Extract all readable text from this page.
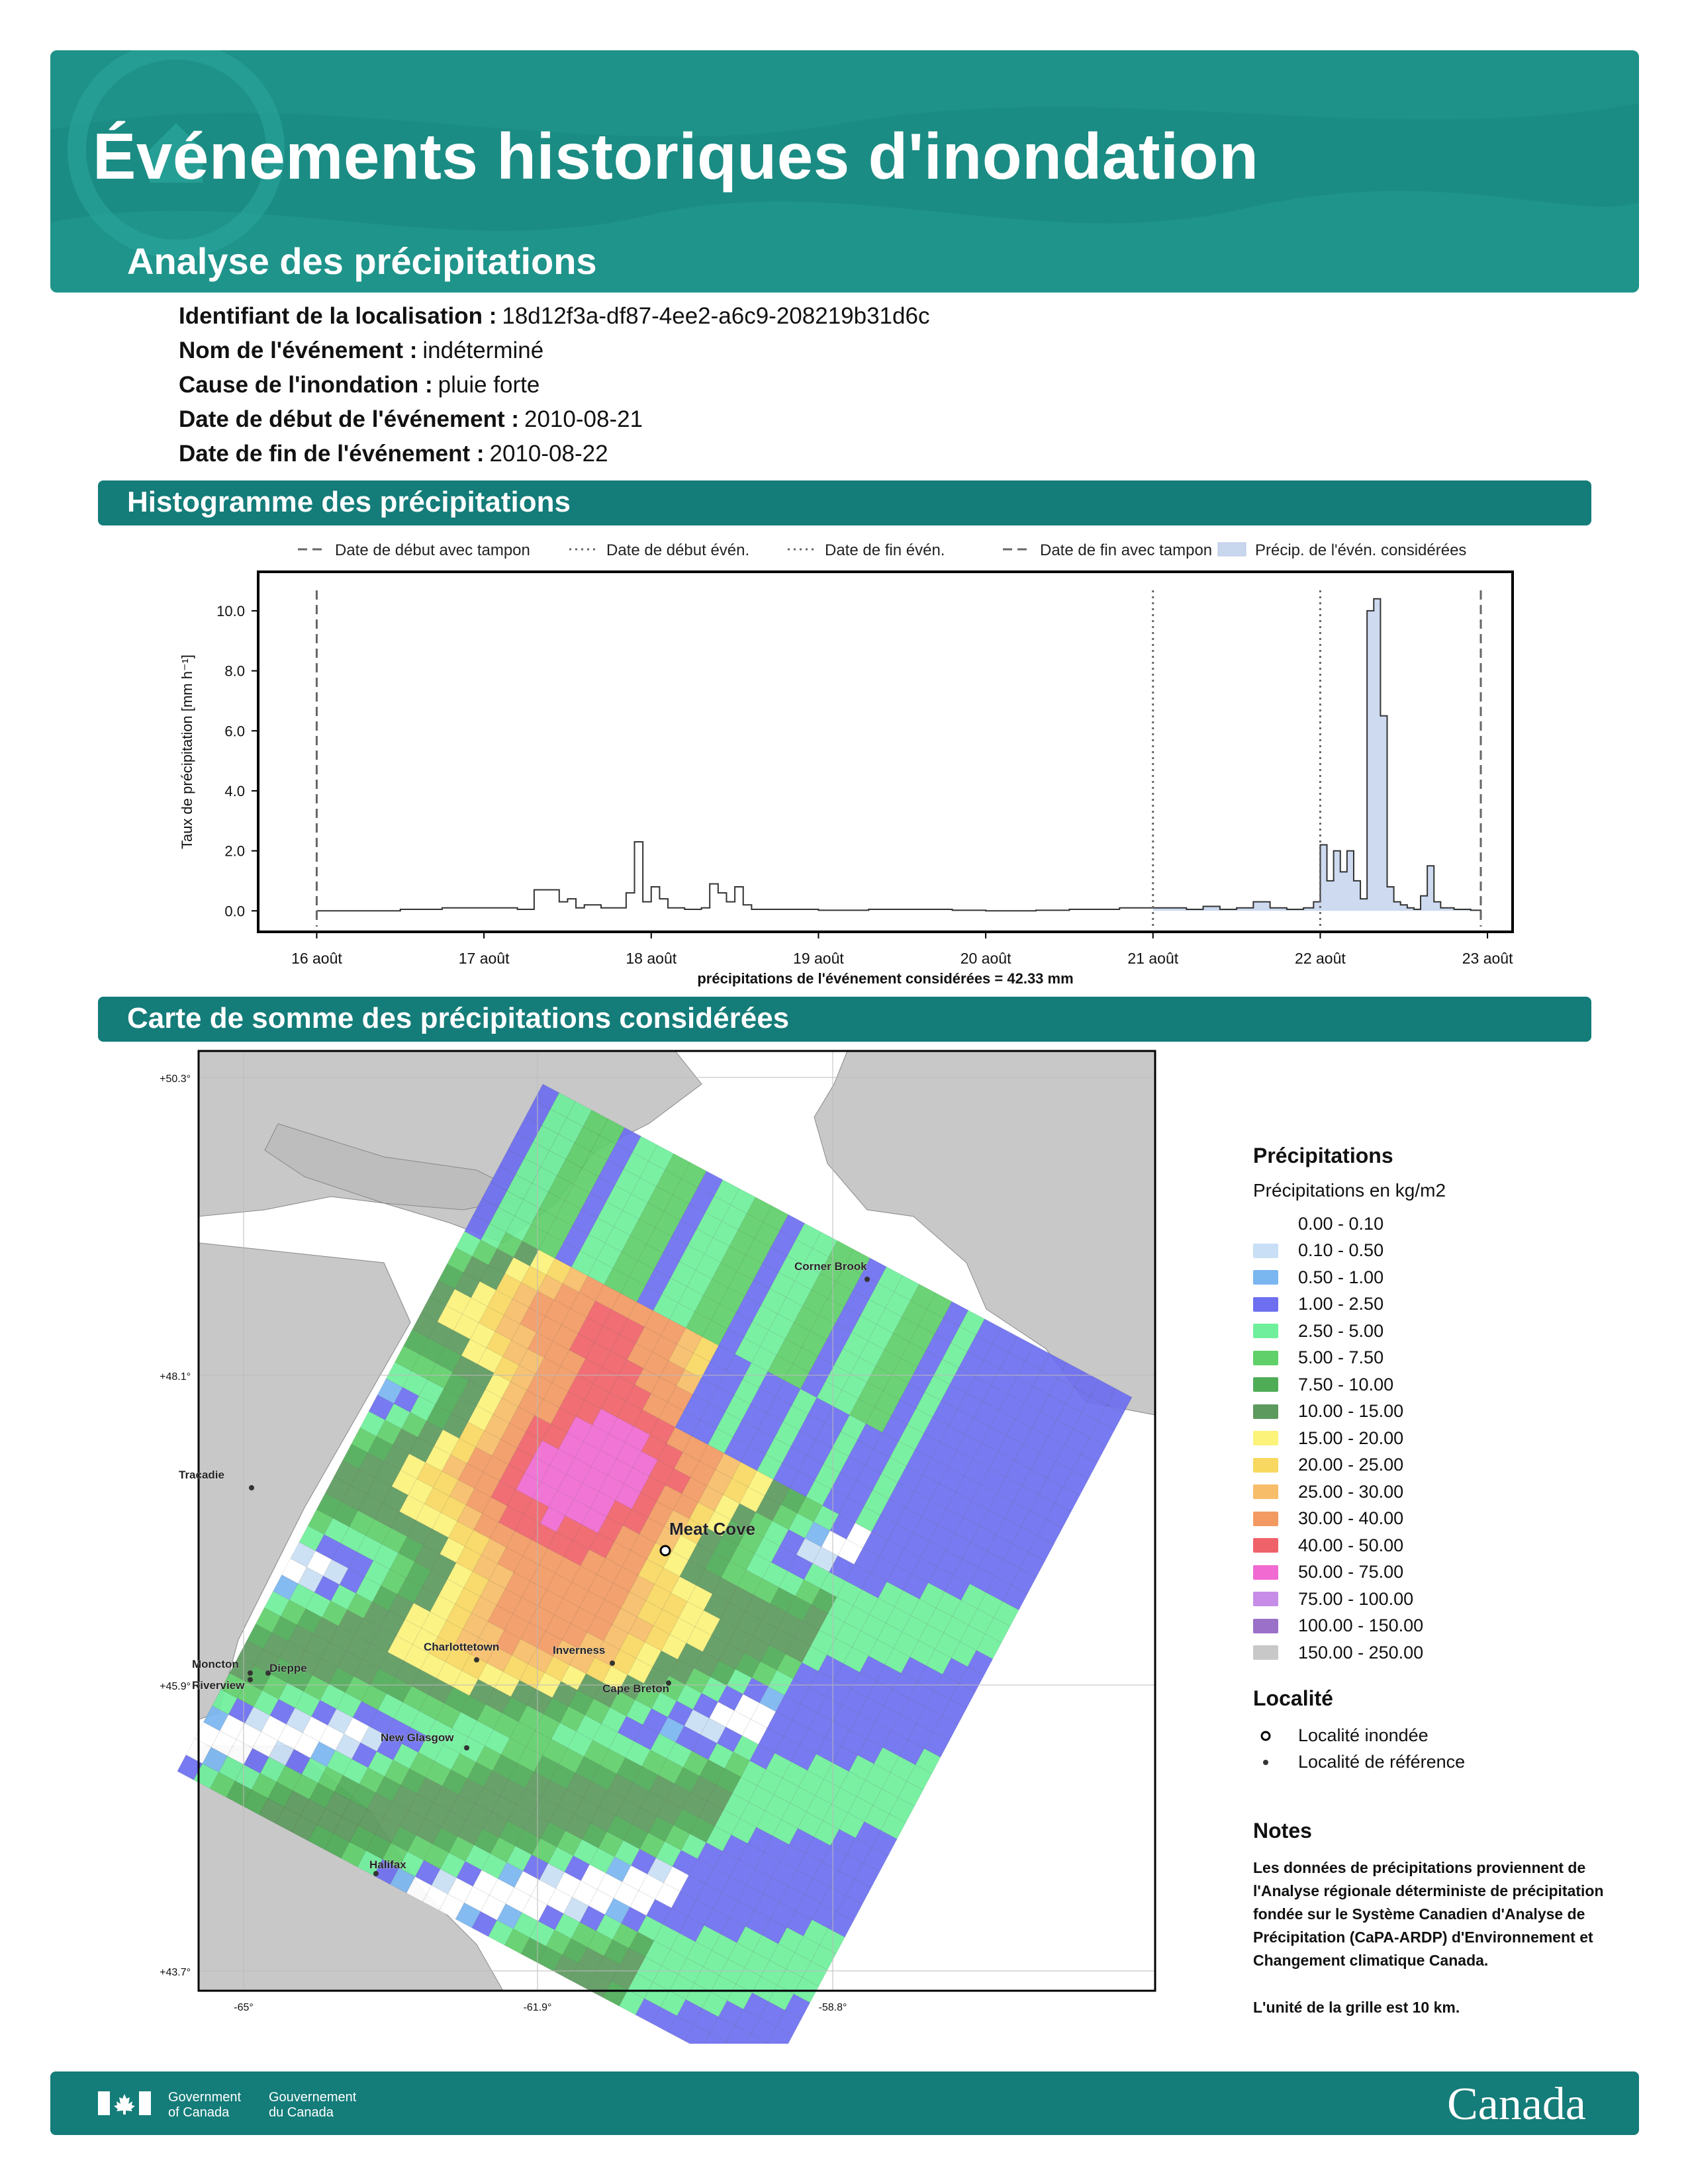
Événements historiques d'inondation
Analyse des précipitations
Identifiant de la localisation : 18d12f3a-df87-4ee2-a6c9-208219b31d6c
Nom de l'événement : indéterminé
Cause de l'inondation : pluie forte
Date de début de l'événement : 2010-08-21
Date de fin de l'événement : 2010-08-22
Histogramme des précipitations
Date de début avec tampon	Date de début évén.	Date de fin évén.	Date de fin avec tampon	Précip. de l'évén. considérées
0.0
2.0
4.0
6.0
8.0
10.0
16 août	17 août	18 août	19 août	20 août	21 août	22 août	23 août
précipitations de l'événement considérées = 42.33 mm
Taux de précipitation [mm h⁻¹]
Carte de somme des précipitations considérées
+50.3°
+48.1°
+45.9°
+43.7°
-65°	-61.9°	-58.8°
Corner Brook
Tracadie
Meat Cove
Charlottetown	Inverness
Moncton	Dieppe
Riverview	Cape Breton
New Glasgow
Halifax
Précipitations
Précipitations en kg/m2
0.00 - 0.10
0.10 - 0.50
0.50 - 1.00
1.00 - 2.50
2.50 - 5.00
5.00 - 7.50
7.50 - 10.00
10.00 - 15.00
15.00 - 20.00
20.00 - 25.00
25.00 - 30.00
30.00 - 40.00
40.00 - 50.00
50.00 - 75.00
75.00 - 100.00
100.00 - 150.00
150.00 - 250.00
Localité
Localité inondée
Localité de référence
Notes

Les données de précipitations proviennent de l'Analyse régionale déterministe de précipitation fondée sur le Système Canadien d'Analyse de Précipitation (CaPA-ARDP) d'Environnement et Changement climatique Canada.

L'unité de la grille est 10 km.

Government
of Canada
Gouvernement
du Canada	Canada
